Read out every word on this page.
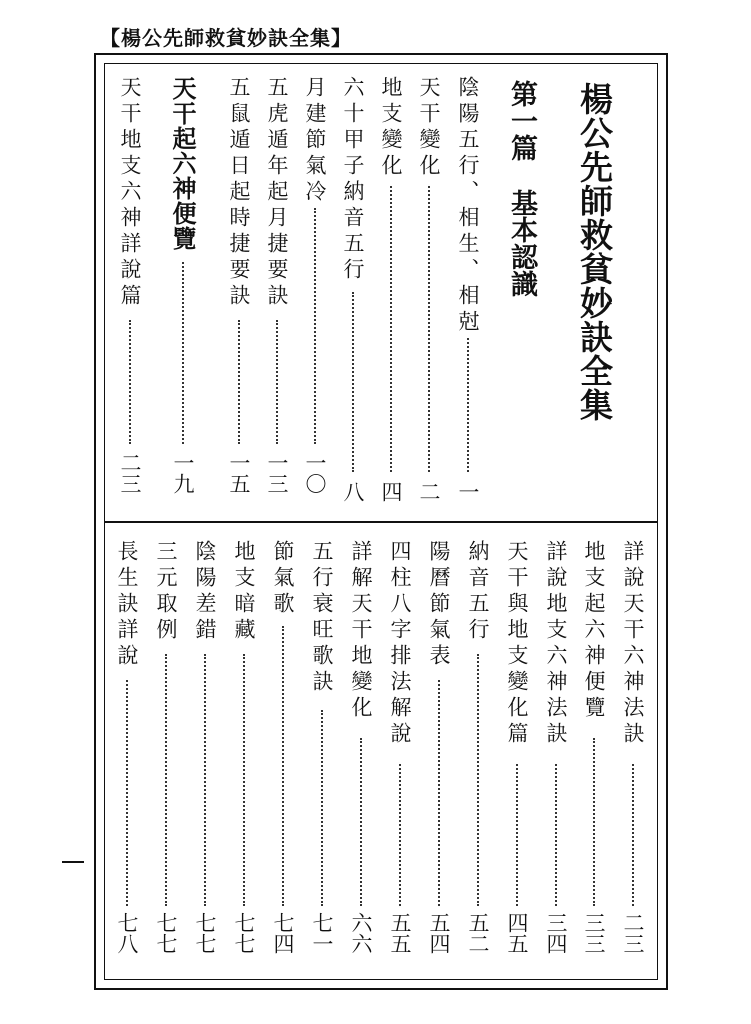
【楊公先師救貧妙訣全集】
楊公先師救貧妙訣全集
第一篇基本認識
陰陽五行、相生、相尅
一
天干變化
二
地支變化
四
六十甲子納音五行
八
月建節氣冷
一〇
五虎遁年起月捷要訣
一三
五鼠遁日起時捷要訣
一五
天干起六神便覽
一九
天干地支六神詳說篇
二三
詳說天干六神法訣
二三
地支起六神便覽
三三
詳說地支六神法訣
三四
天干與地支變化篇
四五
納音五行
五二
陽曆節氣表
五四
四柱八字排法解說
五五
詳解天干地變化
六六
五行衰旺歌訣
七一
節氣歌
七四
地支暗藏
七七
陰陽差錯
七七
三元取例
七七
長生訣詳說
七八
